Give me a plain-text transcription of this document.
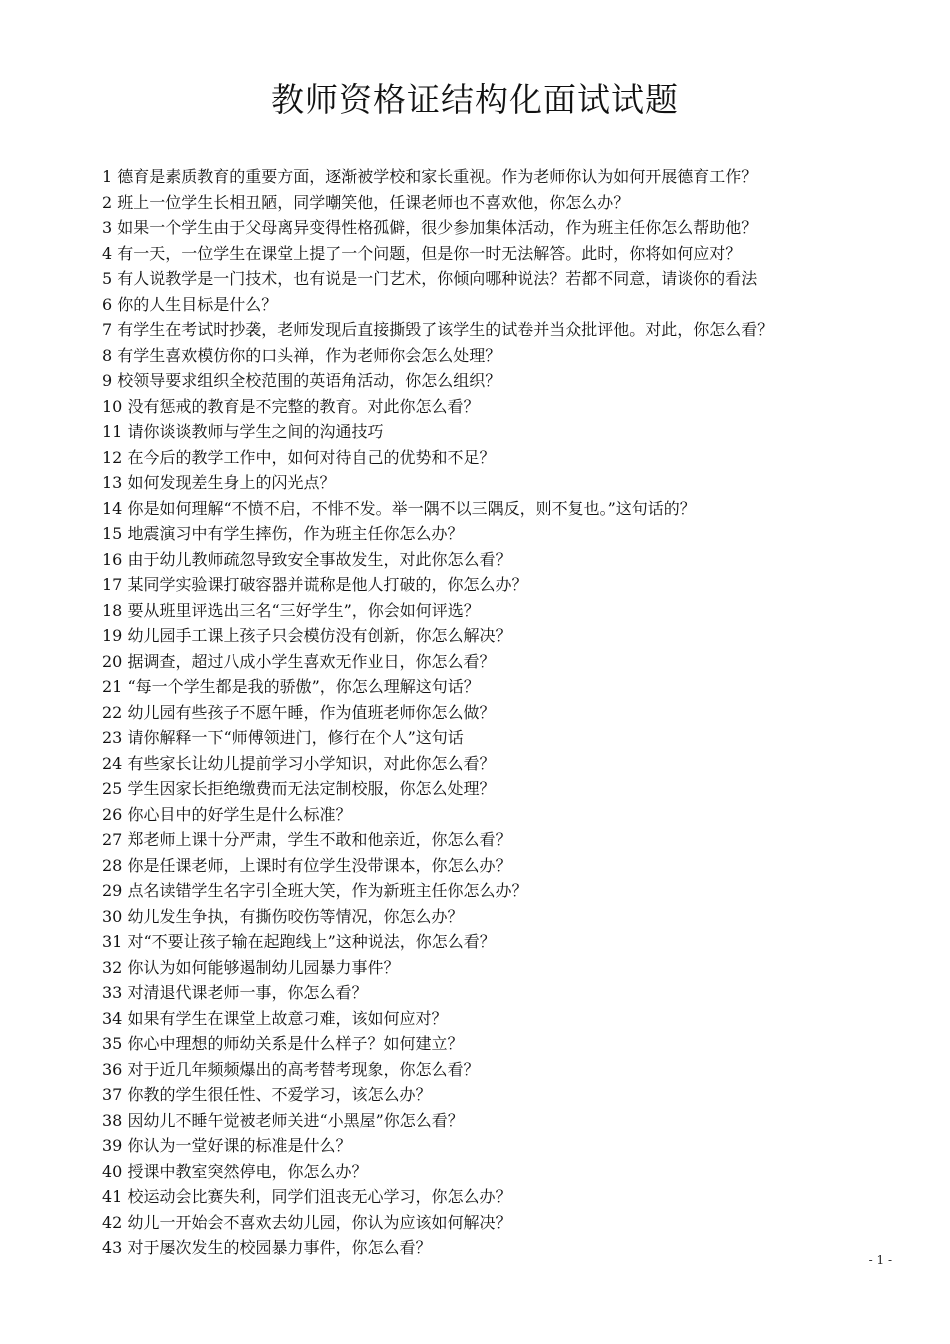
教师资格证结构化面试试题
1 德育是素质教育的重要方面，逐渐被学校和家长重视。作为老师你认为如何开展德育工作？
2 班上一位学生长相丑陋，同学嘲笑他，任课老师也不喜欢他，你怎么办？
3 如果一个学生由于父母离异变得性格孤僻，很少参加集体活动，作为班主任你怎么帮助他？
4 有一天，一位学生在课堂上提了一个问题，但是你一时无法解答。此时，你将如何应对？
5 有人说教学是一门技术，也有说是一门艺术，你倾向哪种说法？若都不同意，请谈你的看法
6 你的人生目标是什么？
7 有学生在考试时抄袭，老师发现后直接撕毁了该学生的试卷并当众批评他。对此，你怎么看？
8 有学生喜欢模仿你的口头禅，作为老师你会怎么处理？
9 校领导要求组织全校范围的英语角活动，你怎么组织？
10 没有惩戒的教育是不完整的教育。对此你怎么看？
11 请你谈谈教师与学生之间的沟通技巧
12 在今后的教学工作中，如何对待自己的优势和不足？
13 如何发现差生身上的闪光点？
14 你是如何理解“不愤不启，不悱不发。举一隅不以三隅反，则不复也。”这句话的？
15 地震演习中有学生摔伤，作为班主任你怎么办？
16 由于幼儿教师疏忽导致安全事故发生，对此你怎么看？
17 某同学实验课打破容器并谎称是他人打破的，你怎么办？
18 要从班里评选出三名“三好学生”，你会如何评选？
19 幼儿园手工课上孩子只会模仿没有创新，你怎么解决？
20 据调查，超过八成小学生喜欢无作业日，你怎么看？
21 “每一个学生都是我的骄傲”，你怎么理解这句话？
22 幼儿园有些孩子不愿午睡，作为值班老师你怎么做？
23 请你解释一下“师傅领进门，修行在个人”这句话
24 有些家长让幼儿提前学习小学知识，对此你怎么看？
25 学生因家长拒绝缴费而无法定制校服，你怎么处理？
26 你心目中的好学生是什么标准？
27 郑老师上课十分严肃，学生不敢和他亲近，你怎么看？
28 你是任课老师，上课时有位学生没带课本，你怎么办？
29 点名读错学生名字引全班大笑，作为新班主任你怎么办？
30 幼儿发生争执，有撕伤咬伤等情况，你怎么办？
31 对“不要让孩子输在起跑线上”这种说法，你怎么看？
32 你认为如何能够遏制幼儿园暴力事件？
33 对清退代课老师一事，你怎么看？
34 如果有学生在课堂上故意刁难，该如何应对？
35 你心中理想的师幼关系是什么样子？如何建立？
36 对于近几年频频爆出的高考替考现象，你怎么看？
37 你教的学生很任性、不爱学习，该怎么办？
38 因幼儿不睡午觉被老师关进“小黑屋”你怎么看？
39 你认为一堂好课的标准是什么？
40 授课中教室突然停电，你怎么办？
41 校运动会比赛失利，同学们沮丧无心学习，你怎么办？
42 幼儿一开始会不喜欢去幼儿园，你认为应该如何解决？
43 对于屡次发生的校园暴力事件，你怎么看？
- 1 -
